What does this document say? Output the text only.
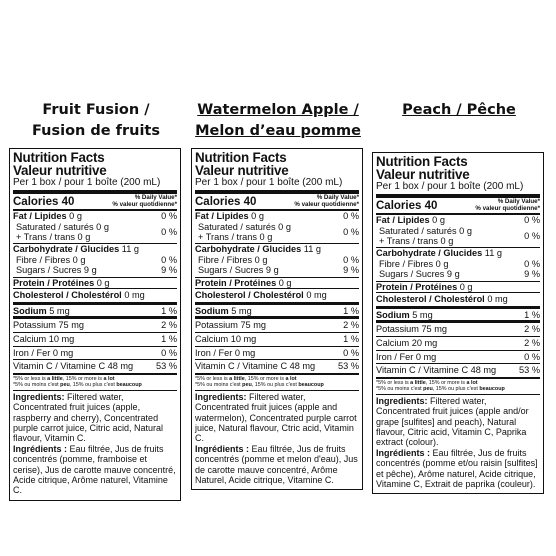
Fruit Fusion /
Fusion de fruits
Nutrition Facts
Valeur nutritive
Per 1 box / pour 1 boîte (200 mL)
Calories 40	% Daily Value*
% valeur quotidienne*
Fat / Lipides 0 g	0 %
Saturated / saturés 0 g
+ Trans / trans 0 g
0 %
Carbohydrate / Glucides 11 g
Fibre / Fibres 0 g	0 %
Sugars / Sucres 9 g	9 %
Protein / Protéines 0 g
Cholesterol / Cholestérol 0 mg
Sodium 5 mg	1 %
Potassium 75 mg	2 %
Calcium 10 mg	1 %
Iron / Fer 0 mg	0 %
Vitamin C / Vitamine C 48 mg 53 %
*5% or less is a little, 15% or more is a lot
*5% ou moins c'est peu, 15% ou plus c'est beaucoup
Ingredients: Filtered water, Concentrated fruit juices (apple, raspberry and cherry), Concentrated purple carrot juice, Citric acid, Natural flavour, Vitamin C.
Ingrédients : Eau filtrée, Jus de fruits concentrés (pomme, framboise et cerise), Jus de carotte mauve concentré, Acide citrique, Arôme naturel, Vitamine C.
Watermelon Apple /
Melon d’eau pomme
Nutrition Facts
Valeur nutritive
Per 1 box / pour 1 boîte (200 mL)
Calories 40	% Daily Value*
% valeur quotidienne*
Fat / Lipides 0 g	0 %
Saturated / saturés 0 g
+ Trans / trans 0 g
0 %
Carbohydrate / Glucides 11 g
Fibre / Fibres 0 g	0 %
Sugars / Sucres 9 g	9 %
Protein / Protéines 0 g
Cholesterol / Cholestérol 0 mg
Sodium 5 mg	1 %
Potassium 75 mg	2 %
Calcium 10 mg	1 %
Iron / Fer 0 mg	0 %
Vitamin C / Vitamine C 48 mg 53 %
*5% or less is a little, 15% or more is a lot
*5% ou moins c'est peu, 15% ou plus c'est beaucoup
Ingredients: Filtered water, Concentrated fruit juices (apple and watermelon), Concentrated purple carrot juice, Natural flavour, Ctric acid, Vitamin C.
Ingrédients : Eau filtrée, Jus de fruits concentrés (pomme et melon d'eau), Jus de carotte mauve concentré, Arôme Naturel, Acide citrique, Vitamine C.
Peach / Pêche
Nutrition Facts
Valeur nutritive
Per 1 box / pour 1 boîte (200 mL)
Calories 40	% Daily Value*
% valeur quotidienne*
Fat / Lipides 0 g	0 %
Saturated / saturés 0 g
+ Trans / trans 0 g
0 %
Carbohydrate / Glucides 11 g
Fibre / Fibres 0 g	0 %
Sugars / Sucres 9 g	9 %
Protein / Protéines 0 g
Cholesterol / Cholestérol 0 mg
Sodium 5 mg	1 %
Potassium 75 mg	2 %
Calcium 20 mg	2 %
Iron / Fer 0 mg	0 %
Vitamin C / Vitamine C 48 mg 53 %
*5% or less is a little, 15% or more is a lot
*5% ou moins c'est peu, 15% ou plus c'est beaucoup
Ingredients: Filtered water, Concentrated fruit juices (apple and/or grape [sulfites] and peach), Natural flavour, Citric acid, Vitamin C, Paprika extract (colour).
Ingrédients : Eau filtrée, Jus de fruits concentrés (pomme et/ou raisin [sulfites] et pêche), Arôme naturel, Acide citrique, Vitamine C, Extrait de paprika (couleur).
